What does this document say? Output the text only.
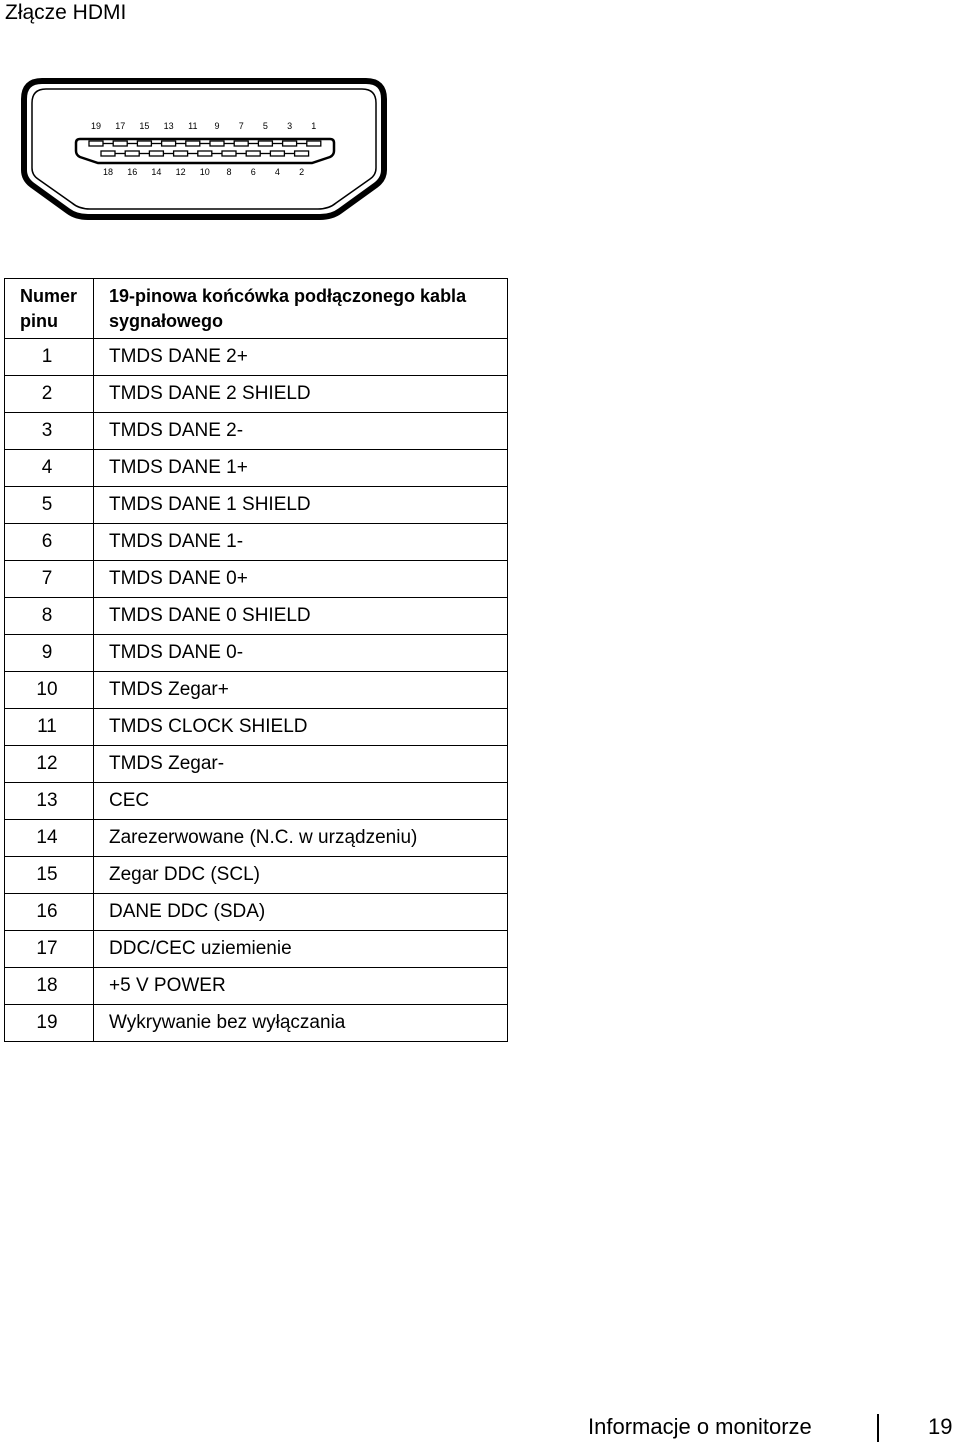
Złącze HDMI
19 17 15 13 11 9 7 5 3 1
18 16 14 12 10 8 6 4 2
Numer
pinu	19-pinowa końcówka podłączonego kabla
sygnałowego
1	TMDS DANE 2+
2	TMDS DANE 2 SHIELD
3	TMDS DANE 2-
4	TMDS DANE 1+
5	TMDS DANE 1 SHIELD
6	TMDS DANE 1-
7	TMDS DANE 0+
8	TMDS DANE 0 SHIELD
9	TMDS DANE 0-
10	TMDS Zegar+
11	TMDS CLOCK SHIELD
12	TMDS Zegar-
13	CEC
14	Zarezerwowane (N.C. w urządzeniu)
15	Zegar DDC (SCL)
16	DANE DDC (SDA)
17	DDC/CEC uziemienie
18	+5 V POWER
19	Wykrywanie bez wyłączania
Informacje o monitorze	19
